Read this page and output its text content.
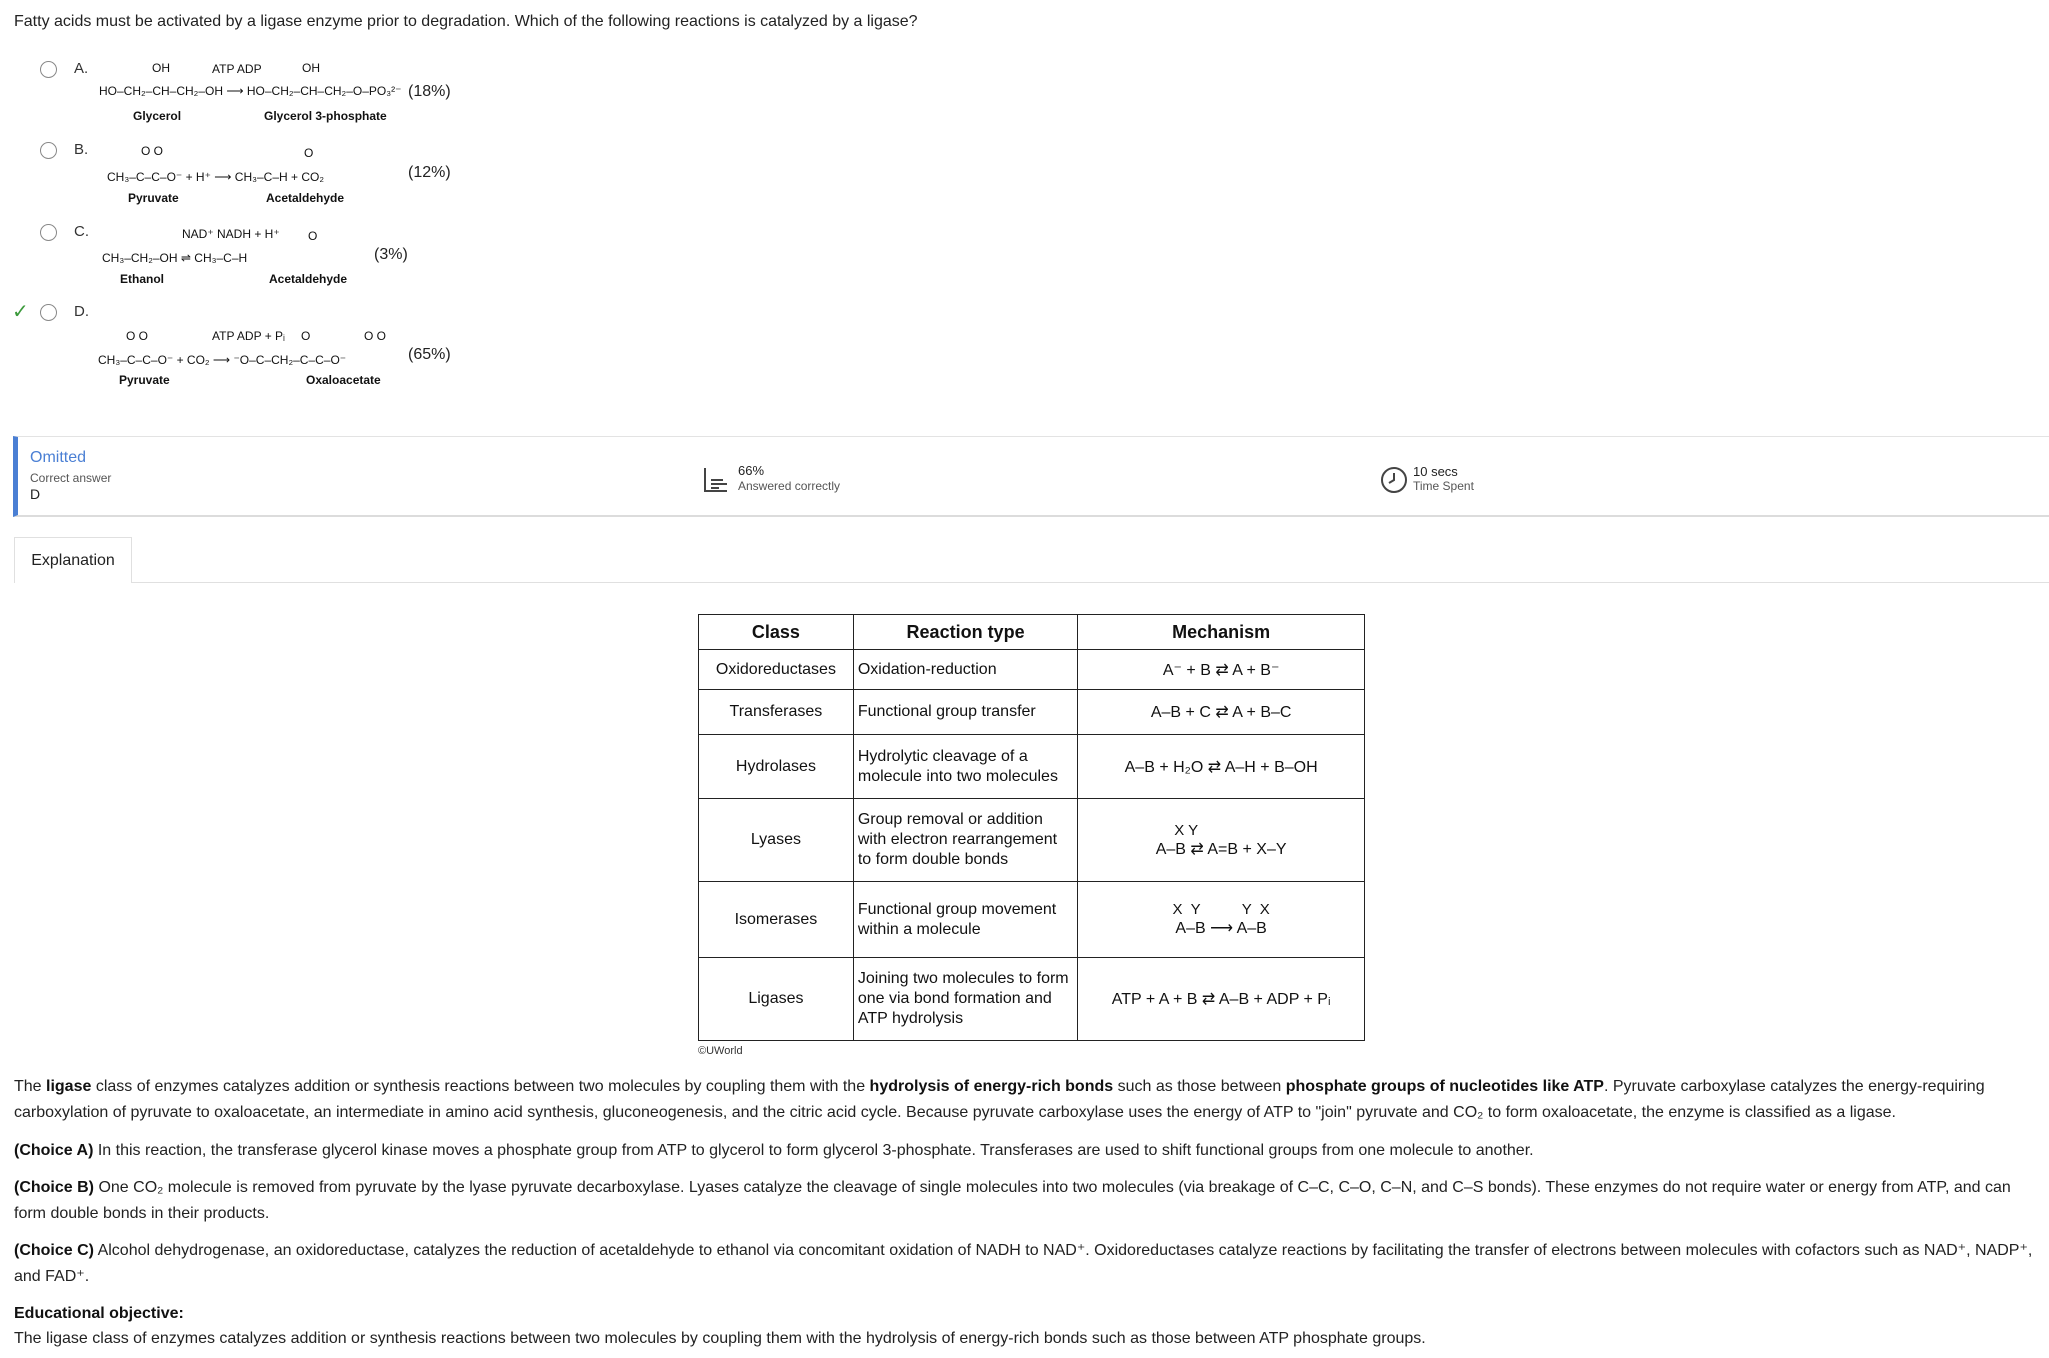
Fatty acids must be activated by a ligase enzyme prior to degradation. Which of the following reactions is catalyzed by a ligase?
A.	OH	ATP ADP	OH
HO–CH₂–CH–CH₂–OH ⟶ HO–CH₂–CH–CH₂–O–PO₃²⁻ (18%)
Glycerol	Glycerol 3-phosphate
B.	O O	O
CH₃–C–C–O⁻ + H⁺ ⟶ CH₃–C–H + CO₂	(12%)
Pyruvate	Acetaldehyde
C.	NAD⁺ NADH + H⁺ O
CH₃–CH₂–OH ⇌ CH₃–C–H	(3%)
Ethanol	Acetaldehyde
✓	D.
O O	ATP ADP + Pᵢ O	O O
CH₃–C–C–O⁻ + CO₂ ⟶ ⁻O–C–CH₂–C–C–O⁻	(65%)
Pyruvate	Oxaloacetate
Omitted
Correct answer
D
66%
Answered correctly
10 secs
Time Spent
Explanation
Class	Reaction type	Mechanism
Oxidoreductases	Oxidation-reduction	A⁻ + B ⇄ A + B⁻
Transferases	Functional group transfer	A–B + C ⇄ A + B–C
Hydrolases	Hydrolytic cleavage of a molecule into two molecules	A–B + H₂O ⇄ A–H + B–OH
Lyases	Group removal or addition with electron rearrangement to form double bonds	X Y
A–B ⇄ A=B + X–Y

Isomerases	Functional group movement within a molecule	X  Y          Y  X
A–B ⟶ A–B

Ligases	Joining two molecules to form one via bond formation and ATP hydrolysis	ATP + A + B ⇄ A–B + ADP + Pᵢ
©UWorld
The ligase class of enzymes catalyzes addition or synthesis reactions between two molecules by coupling them with the hydrolysis of energy-rich bonds such as those between phosphate groups of nucleotides like ATP. Pyruvate carboxylase catalyzes the energy-requiring carboxylation of pyruvate to oxaloacetate, an intermediate in amino acid synthesis, gluconeogenesis, and the citric acid cycle. Because pyruvate carboxylase uses the energy of ATP to "join" pyruvate and CO₂ to form oxaloacetate, the enzyme is classified as a ligase.
(Choice A) In this reaction, the transferase glycerol kinase moves a phosphate group from ATP to glycerol to form glycerol 3-phosphate. Transferases are used to shift functional groups from one molecule to another.
(Choice B) One CO₂ molecule is removed from pyruvate by the lyase pyruvate decarboxylase. Lyases catalyze the cleavage of single molecules into two molecules (via breakage of C–C, C–O, C–N, and C–S bonds). These enzymes do not require water or energy from ATP, and can form double bonds in their products.
(Choice C) Alcohol dehydrogenase, an oxidoreductase, catalyzes the reduction of acetaldehyde to ethanol via concomitant oxidation of NADH to NAD⁺. Oxidoreductases catalyze reactions by facilitating the transfer of electrons between molecules with cofactors such as NAD⁺, NADP⁺, and FAD⁺.
Educational objective:
The ligase class of enzymes catalyzes addition or synthesis reactions between two molecules by coupling them with the hydrolysis of energy-rich bonds such as those between ATP phosphate groups.
